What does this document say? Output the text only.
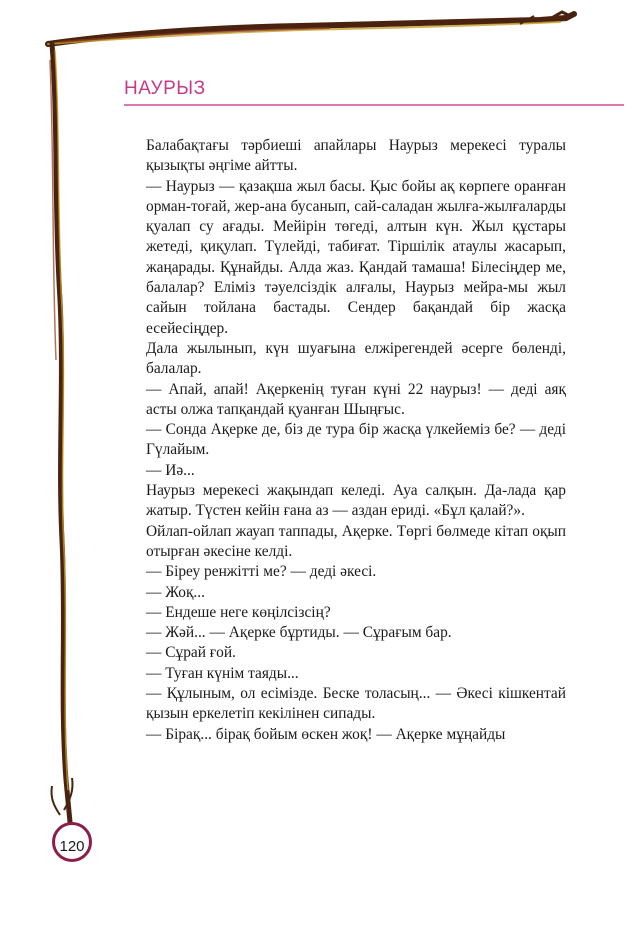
НАУРЫЗ

Балабақтағы тәрбиеші апайлары Наурыз мерекесі туралы қызықты әңгіме айтты.

— Наурыз — қазақша жыл басы. Қыс бойы ақ көрпеге оранған орман-тоғай, жер-ана бусанып, сай-саладан жылға-жылғаларды қуалап су ағады. Мейірін төгеді, алтын күн. Жыл құстары жетеді, қиқулап. Түлейді, табиғат. Тіршілік атаулы жасарып, жаңарады. Құнайды. Алда жаз. Қандай тамаша! Білесіңдер ме, балалар? Еліміз тәуелсіздік алғалы, Наурыз мейра-мы жыл сайын тойлана бастады. Сендер бақандай бір жасқа есейесіңдер.

Дала жылынып, күн шуағына елжірегендей әсерге бөленді, балалар.

— Апай, апай! Ақеркенің туған күні 22 наурыз! — деді аяқ асты олжа тапқандай қуанған Шыңғыс.

— Сонда Ақерке де, біз де тура бір жасқа үлкейеміз бе? — деді Гүлайым.

— Иә...

Наурыз мерекесі жақындап келеді. Ауа салқын. Да-лада қар жатыр. Түстен кейін ғана аз — аздан ериді. «Бұл қалай?».

Ойлап-ойлап жауап таппады, Ақерке. Төргі бөлмеде кітап оқып отырған әкесіне келді.

— Біреу ренжітті ме? — деді әкесі.

— Жоқ...

— Ендеше неге көңілсізсің?

— Жәй... — Ақерке бұртиды. — Сұрағым бар.

— Сұрай ғой.

— Туған күнім таяды...

— Құлыным, ол есімізде. Беске толасың... — Әкесі кішкентай қызын еркелетіп кекілінен сипады.

— Бірақ... бірақ бойым өскен жоқ! — Ақерке мұңайды

120
